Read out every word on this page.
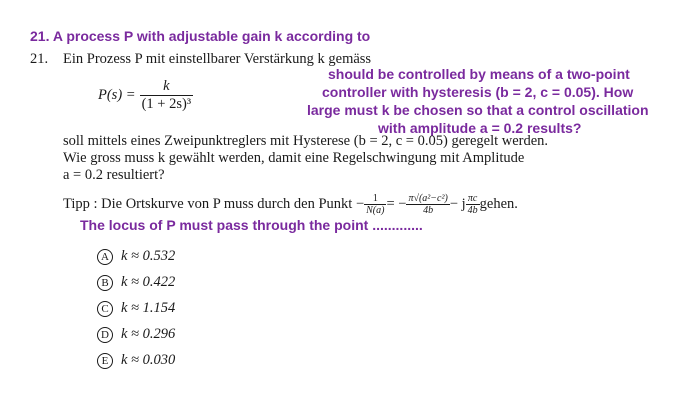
21. A process P with adjustable gain k according to
21. Ein Prozess P mit einstellbarer Verstärkung k gemäss
should be controlled by means of a two-point
controller with hysteresis (b = 2, c = 0.05). How
large must k be chosen so that a control oscillation
$P(s) = \frac{k}{\text{(1 + 2s)³}}$
with amplitude a = 0.2 results?
soll mittels eines Zweipunktreglers mit Hysterese (b = 2, c = 0.05) geregelt werden.
Wie gross muss k gewählt werden, damit eine Regelschwingung mit Amplitude
a = 0.2 resultiert?
Tipp : Die Ortskurve von P muss durch den Punkt − $\frac{1}{N(a)}$ = − $\frac{\text{π√(a²−c²)}}{4b} - j \frac{\pi c}{4b}$ gehen.
The locus of P must pass through the point .............
A k ≈ 0.532
B k ≈ 0.422
C k ≈ 1.154
D k ≈ 0.296
E k ≈ 0.030
